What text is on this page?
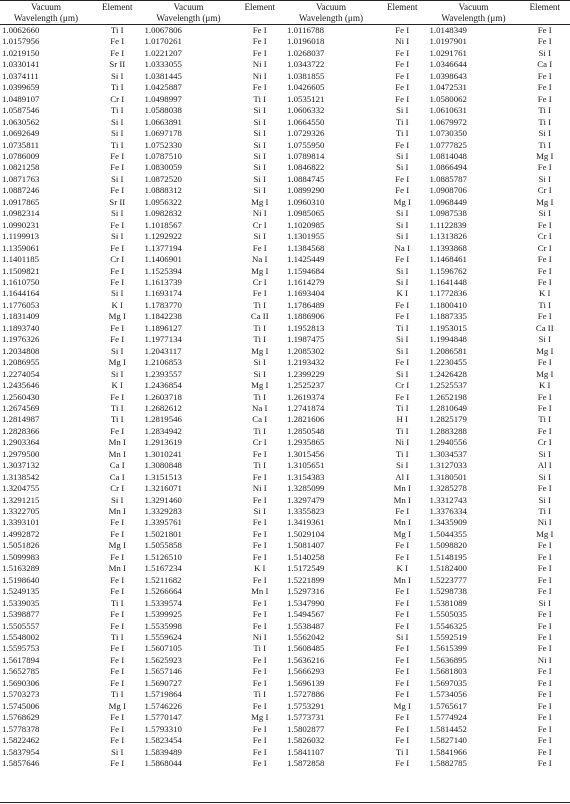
Vacuum	Element	Vacuum	Element	Vacuum	Element	Vacuum	Element
Wavelength (μm)		Wavelength (μm)		Wavelength (μm)		Wavelength (μm)	
1.0062660	Ti I	1.0067806	Fe I	1.0116788	Fe I	1.0148349	Fe I
1.0157956	Fe I	1.0170261	Fe I	1.0196018	Ni I	1.0197901	Fe I
1.0219150	Fe I	1.0221207	Fe I	1.0268037	Fe I	1.0291761	Si I
1.0330141	Sr II	1.0333055	Ni I	1.0343722	Fe I	1.0346644	Ca I
1.0374111	Si I	1.0381445	Ni I	1.0381855	Fe I	1.0398643	Fe I
1.0399659	Ti I	1.0425887	Fe I	1.0426605	Fe I	1.0472531	Fe I
1.0489107	Cr I	1.0498997	Ti I	1.0535121	Fe I	1.0580062	Fe I
1.0587546	Ti I	1.0588038	Si I	1.0606332	Si I	1.0610631	Ti I
1.0630562	Si I	1.0663891	Si I	1.0664550	Ti I	1.0679972	Ti I
1.0692649	Si I	1.0697178	Si I	1.0729326	Ti I	1.0730350	Si I
1.0735811	Ti I	1.0752330	Si I	1.0755950	Fe I	1.0777825	Ti I
1.0786009	Fe I	1.0787510	Si I	1.0789814	Si I	1.0814048	Mg I
1.0821258	Fe I	1.0830059	Si I	1.0846822	Si I	1.0866494	Fe I
1.0871763	Si I	1.0872520	Si I	1.0884745	Fe I	1.0885787	Si I
1.0887246	Fe I	1.0888312	Si I	1.0899290	Fe I	1.0908706	Cr I
1.0917865	Sr II	1.0956322	Mg I	1.0960310	Mg I	1.0968449	Mg I
1.0982314	Si I	1.0982832	Ni I	1.0985065	Si I	1.0987538	Si I
1.0990231	Fe I	1.1018567	Cr I	1.1020985	Si I	1.1122839	Fe I
1.1199913	Si I	1.1292922	Si I	1.1301955	Si I	1.1313826	Cr I
1.1359061	Fe I	1.1377194	Fe I	1.1384568	Na I	1.1393868	Cr I
1.1401185	Cr I	1.1406901	Na I	1.1425449	Fe I	1.1468461	Fe I
1.1509821	Fe I	1.1525394	Mg I	1.1594684	Si I	1.1596762	Fe I
1.1610750	Fe I	1.1613739	Cr I	1.1614279	Si I	1.1641448	Fe I
1.1644164	Si I	1.1693174	Fe I	1.1693404	K I	1.1772836	K I
1.1776053	K I	1.1783770	Ti I	1.1786489	Fe I	1.1800410	Ti I
1.1831409	Mg I	1.1842238	Ca II	1.1886906	Fe I	1.1887335	Fe I
1.1893740	Fe I	1.1896127	Ti I	1.1952813	Ti I	1.1953015	Ca II
1.1976326	Fe I	1.1977134	Ti I	1.1987475	Si I	1.1994848	Si I
1.2034808	Si I	1.2043117	Mg I	1.2085302	Si I	1.2086581	Mg I
1.2086955	Mg I	1.2106853	Si I	1.2193432	Fe I	1.2230455	Fe I
1.2274054	Si I	1.2393557	Si I	1.2399229	Si I	1.2426428	Mg I
1.2435646	K I	1.2436854	Mg I	1.2525237	Cr I	1.2525537	K I
1.2560430	Fe I	1.2603718	Ti I	1.2619374	Fe I	1.2652198	Fe I
1.2674569	Ti I	1.2682612	Na I	1.2741874	Ti I	1.2810649	Fe I
1.2814987	Ti I	1.2819546	Ca I	1.2821606	H I	1.2825179	Ti I
1.2828366	Fe I	1.2834942	Ti I	1.2850548	Ti I	1.2883288	Fe I
1.2903364	Mn I	1.2913619	Cr I	1.2935865	Ni I	1.2940556	Cr I
1.2979500	Mn I	1.3010241	Fe I	1.3015456	Ti I	1.3034537	Si I
1.3037132	Ca I	1.3080848	Ti I	1.3105651	Si I	1.3127033	Al I
1.3138542	Ca I	1.3151513	Fe I	1.3154383	Al I	1.3180501	Si I
1.3204755	Cr I	1.3216071	Ni I	1.3285099	Mn I	1.3285278	Fe I
1.3291215	Si I	1.3291460	Fe I	1.3297479	Mn I	1.3312743	Si I
1.3322705	Mn I	1.3329283	Si I	1.3355823	Fe I	1.3376334	Ti I
1.3393101	Fe I	1.3395761	Fe I	1.3419361	Mn I	1.3435909	Ni I
1.4992872	Fe I	1.5021801	Fe I	1.5029104	Mg I	1.5044355	Mg I
1.5051826	Mg I	1.5055858	Fe I	1.5081407	Fe I	1.5098820	Fe I
1.5099983	Fe I	1.5126510	Fe I	1.5140258	Fe I	1.5148195	Fe I
1.5163289	Mn I	1.5167234	K I	1.5172549	K I	1.5182400	Fe I
1.5198640	Fe I	1.5211682	Fe I	1.5221899	Mn I	1.5223777	Fe I
1.5249135	Fe I	1.5266664	Mn I	1.5297316	Fe I	1.5298738	Fe I
1.5339035	Ti I	1.5339574	Fe I	1.5347990	Fe I	1.5381089	Si I
1.5398877	Fe I	1.5399925	Fe I	1.5494567	Fe I	1.5505035	Fe I
1.5505557	Fe I	1.5535998	Fe I	1.5538487	Fe I	1.5546325	Fe I
1.5548002	Ti I	1.5559624	Ni I	1.5562042	Si I	1.5592519	Fe I
1.5595753	Fe I	1.5607105	Ti I	1.5608485	Fe I	1.5615399	Fe I
1.5617894	Fe I	1.5625923	Fe I	1.5636216	Fe I	1.5636895	Ni I
1.5652785	Fe I	1.5657146	Fe I	1.5666293	Fe I	1.5681803	Fe I
1.5690306	Fe I	1.5690727	Fe I	1.5696139	Fe I	1.5697035	Fe I
1.5703273	Ti I	1.5719864	Ti I	1.5727886	Fe I	1.5734056	Fe I
1.5745006	Mg I	1.5746226	Fe I	1.5753291	Mg I	1.5765617	Fe I
1.5768629	Fe I	1.5770147	Mg I	1.5773731	Fe I	1.5774924	Fe I
1.5778378	Fe I	1.5793310	Fe I	1.5802877	Fe I	1.5814452	Fe I
1.5822462	Fe I	1.5823454	Fe I	1.5826032	Fe I	1.5827140	Fe I
1.5837954	Si I	1.5839489	Fe I	1.5841107	Ti I	1.5841966	Fe I
1.5857646	Fe I	1.5868044	Fe I	1.5872858	Fe I	1.5882785	Fe I
